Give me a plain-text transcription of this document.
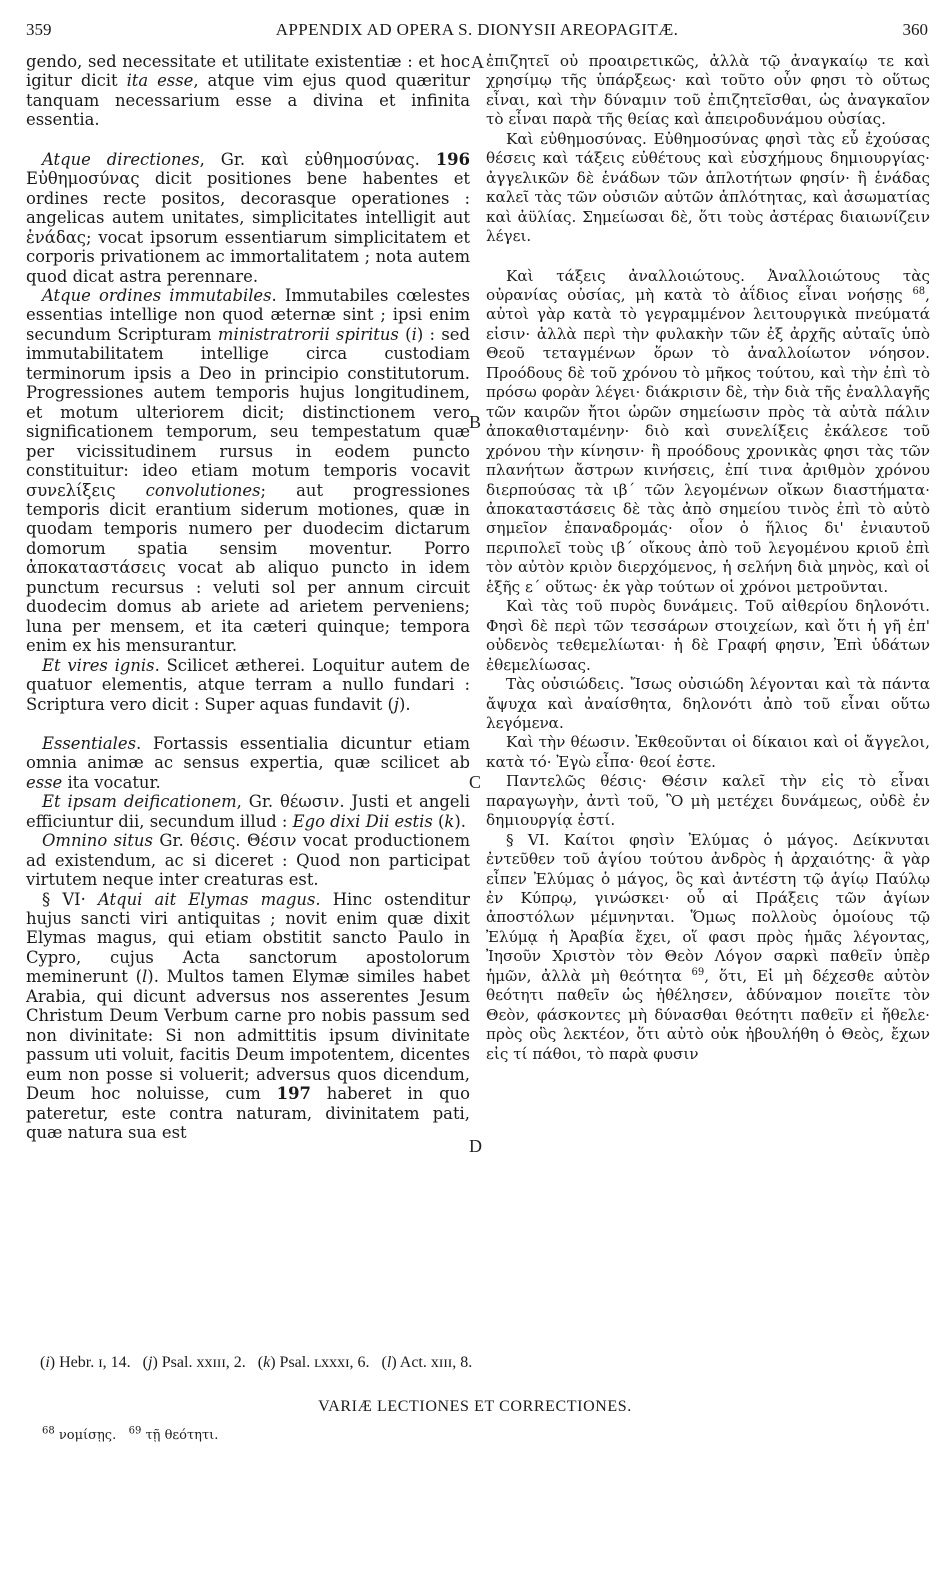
359	APPENDIX AD OPERA S. DIONYSII AREOPAGITÆ.	360

gendo, sed necessitate et utilitate existentiæ : et hoc igitur dicit ita esse, atque vim ejus quod quæritur tanquam necessarium esse a divina et infinita essentia.

Atque directiones, Gr. καὶ εὐθημοσύνας. 196 Εὐθημοσύνας dicit positiones bene habentes et ordines recte positos, decorasque operationes : angelicas autem unitates, simplicitates intelligit aut ἑνάδας; vocat ipsorum essentiarum simplicitatem et corporis privationem ac immortalitatem ; nota autem quod dicat astra perennare.

Atque ordines immutabiles. Immutabiles cœlestes essentias intellige non quod æternæ sint ; ipsi enim secundum Scripturam ministratrorii spiritus (i) : sed immutabilitatem intellige circa custodiam terminorum ipsis a Deo in principio constitutorum. Progressiones autem temporis hujus longitudinem, et motum ulteriorem dicit; distinctionem vero significationem temporum, seu tempestatum quæ per vicissitudinem rursus in eodem puncto constituitur: ideo etiam motum temporis vocavit συνελίξεις convolutiones; aut progressiones temporis dicit erantium siderum motiones, quæ in quodam temporis numero per duodecim dictarum domorum spatia sensim moventur. Porro ἀποκαταστάσεις vocat ab aliquo puncto in idem punctum recursus : veluti sol per annum circuit duodecim domus ab ariete ad arietem perveniens; luna per mensem, et ita cæteri quinque; tempora enim ex his mensurantur.

Et vires ignis. Scilicet ætherei. Loquitur autem de quatuor elementis, atque terram a nullo fundari : Scriptura vero dicit : Super aquas fundavit (j).

Essentiales. Fortassis essentialia dicuntur etiam omnia animæ ac sensus expertia, quæ scilicet ab esse ita vocatur.

Et ipsam deificationem, Gr. θέωσιν. Justi et angeli efficiuntur dii, secundum illud : Ego dixi Dii estis (k).

Omnino situs Gr. θέσις. Θέσιν vocat productionem ad existendum, ac si diceret : Quod non participat virtutem neque inter creaturas est.

§ VI· Atqui ait Elymas magus. Hinc ostenditur hujus sancti viri antiquitas ; novit enim quæ dixit Elymas magus, qui etiam obstitit sancto Paulo in Cypro, cujus Acta sanctorum apostolorum meminerunt (l). Multos tamen Elymæ similes habet Arabia, qui dicunt adversus nos asserentes Jesum Christum Deum Verbum carne pro nobis passum sed non divinitate: Si non admittitis ipsum divinitate passum uti voluit, facitis Deum impotentem, dicentes eum non posse si voluerit; adversus quos dicendum, Deum hoc noluisse, cum 197 haberet in quo pateretur, este contra naturam, divinitatem pati, quæ natura sua est

ἐπιζητεῖ οὐ προαιρετικῶς, ἀλλὰ τῷ ἀναγκαίῳ τε καὶ χρησίμῳ τῆς ὑπάρξεως· καὶ τοῦτο οὖν φησι τὸ οὕτως εἶναι, καὶ τὴν δύναμιν τοῦ ἐπιζητεῖσθαι, ὡς ἀναγκαῖον τὸ εἶναι παρὰ τῆς θείας καὶ ἀπειροδυνάμου οὐσίας.

Καὶ εὐθημοσύνας. Εὐθημοσύνας φησὶ τὰς εὖ ἐχούσας θέσεις καὶ τάξεις εὐθέτους καὶ εὐσχήμους δημιουργίας· ἀγγελικῶν δὲ ἑνάδων τῶν ἁπλοτήτων φησίν· ἢ ἑνάδας καλεῖ τὰς τῶν οὐσιῶν αὐτῶν ἁπλότητας, καὶ ἀσωματίας καὶ ἀϋλίας. Σημείωσαι δὲ, ὅτι τοὺς ἀστέρας διαιωνίζειν λέγει.

Καὶ τάξεις ἀναλλοιώτους. Ἀναλλοιώτους τὰς οὐρανίας οὐσίας, μὴ κατὰ τὸ ἀΐδιος εἶναι νοήσῃς $^{68}$, αὐτοὶ γὰρ κατὰ τὸ γεγραμμένον λειτουργικὰ πνεύματά εἰσιν· ἀλλὰ περὶ τὴν φυλακὴν τῶν ἐξ ἀρχῆς αὐταῖς ὑπὸ Θεοῦ τεταγμένων ὅρων τὸ ἀναλλοίωτον νόησον. Προόδους δὲ τοῦ χρόνου τὸ μῆκος τούτου, καὶ τὴν ἐπὶ τὸ πρόσω φορὰν λέγει· διάκρισιν δὲ, τὴν διὰ τῆς ἐναλλαγῆς τῶν καιρῶν ἤτοι ὡρῶν σημείωσιν πρὸς τὰ αὐτὰ πάλιν ἀποκαθισταμένην· διὸ καὶ συνελίξεις ἐκάλεσε τοῦ χρόνου τὴν κίνησιν· ἢ προόδους χρονικὰς φησι τὰς τῶν πλανήτων ἄστρων κινήσεις, ἐπί τινα ἀριθμὸν χρόνου διερπούσας τὰ ιβ΄ τῶν λεγομένων οἴκων διαστήματα· ἀποκαταστάσεις δὲ τὰς ἀπὸ σημείου τινὸς ἐπὶ τὸ αὐτὸ σημεῖον ἐπαναδρομάς· οἷον ὁ ἥλιος δι' ἐνιαυτοῦ περιπολεῖ τοὺς ιβ΄ οἴκους ἀπὸ τοῦ λεγομένου κριοῦ ἐπὶ τὸν αὐτὸν κριὸν διερχόμενος, ἡ σελήνη διὰ μηνὸς, καὶ οἱ ἑξῆς ε΄ οὕτως· ἐκ γὰρ τούτων οἱ χρόνοι μετροῦνται.

Καὶ τὰς τοῦ πυρὸς δυνάμεις. Τοῦ αἰθερίου δηλονότι. Φησὶ δὲ περὶ τῶν τεσσάρων στοιχείων, καὶ ὅτι ἡ γῆ ἐπ' οὐδενὸς τεθεμελίωται· ἡ δὲ Γραφή φησιν, Ἐπὶ ὑδάτων ἐθεμελίωσας.

Τὰς οὐσιώδεις. Ἴσως οὐσιώδη λέγονται καὶ τὰ πάντα ἄψυχα καὶ ἀναίσθητα, δηλονότι ἀπὸ τοῦ εἶναι οὕτω λεγόμενα.

Καὶ τὴν θέωσιν. Ἐκθεοῦνται οἱ δίκαιοι καὶ οἱ ἄγγελοι, κατὰ τό· Ἐγὼ εἶπα· θεοί ἐστε.

Παντελῶς θέσις· Θέσιν καλεῖ τὴν εἰς τὸ εἶναι παραγωγὴν, ἀντὶ τοῦ, Ὃ μὴ μετέχει δυνάμεως, οὐδὲ ἐν δημιουργίᾳ ἐστί.

§ VI. Καίτοι φησὶν Ἐλύμας ὁ μάγος. Δείκνυται ἐντεῦθεν τοῦ ἁγίου τούτου ἀνδρὸς ἡ ἀρχαιότης· ἃ γὰρ εἶπεν Ἐλύμας ὁ μάγος, ὃς καὶ ἀντέστη τῷ ἁγίῳ Παύλῳ ἐν Κύπρῳ, γινώσκει· οὗ αἱ Πράξεις τῶν ἁγίων ἀποστόλων μέμνηνται. Ὅμως πολλοὺς ὁμοίους τῷ Ἐλύμᾳ ἡ Ἀραβία ἔχει, οἵ φασι πρὸς ἡμᾶς λέγοντας, Ἰησοῦν Χριστὸν τὸν Θεὸν Λόγον σαρκὶ παθεῖν ὑπὲρ ἡμῶν, ἀλλὰ μὴ θεότητα $^{69}$, ὅτι, Εἰ μὴ δέχεσθε αὐτὸν θεότητι παθεῖν ὡς ἠθέλησεν, ἀδύναμον ποιεῖτε τὸν Θεὸν, φάσκοντες μὴ δύνασθαι θεότητι παθεῖν εἰ ἤθελε· πρὸς οὓς λεκτέον, ὅτι αὐτὸ οὐκ ἠβουλήθη ὁ Θεὸς, ἔχων εἰς τί πάθοι, τὸ παρὰ φυσιν

A
B
C
D
(i) Hebr. ɪ, 14.   (j) Psal. xxɪɪɪ, 2.   (k) Psal. ʟxxxɪ, 6.   (l) Act. xɪɪɪ, 8.
VARIÆ LECTIONES ET CORRECTIONES.
$^{68}$ νομίσῃς.   $^{69}$ τῇ θεότητι.
